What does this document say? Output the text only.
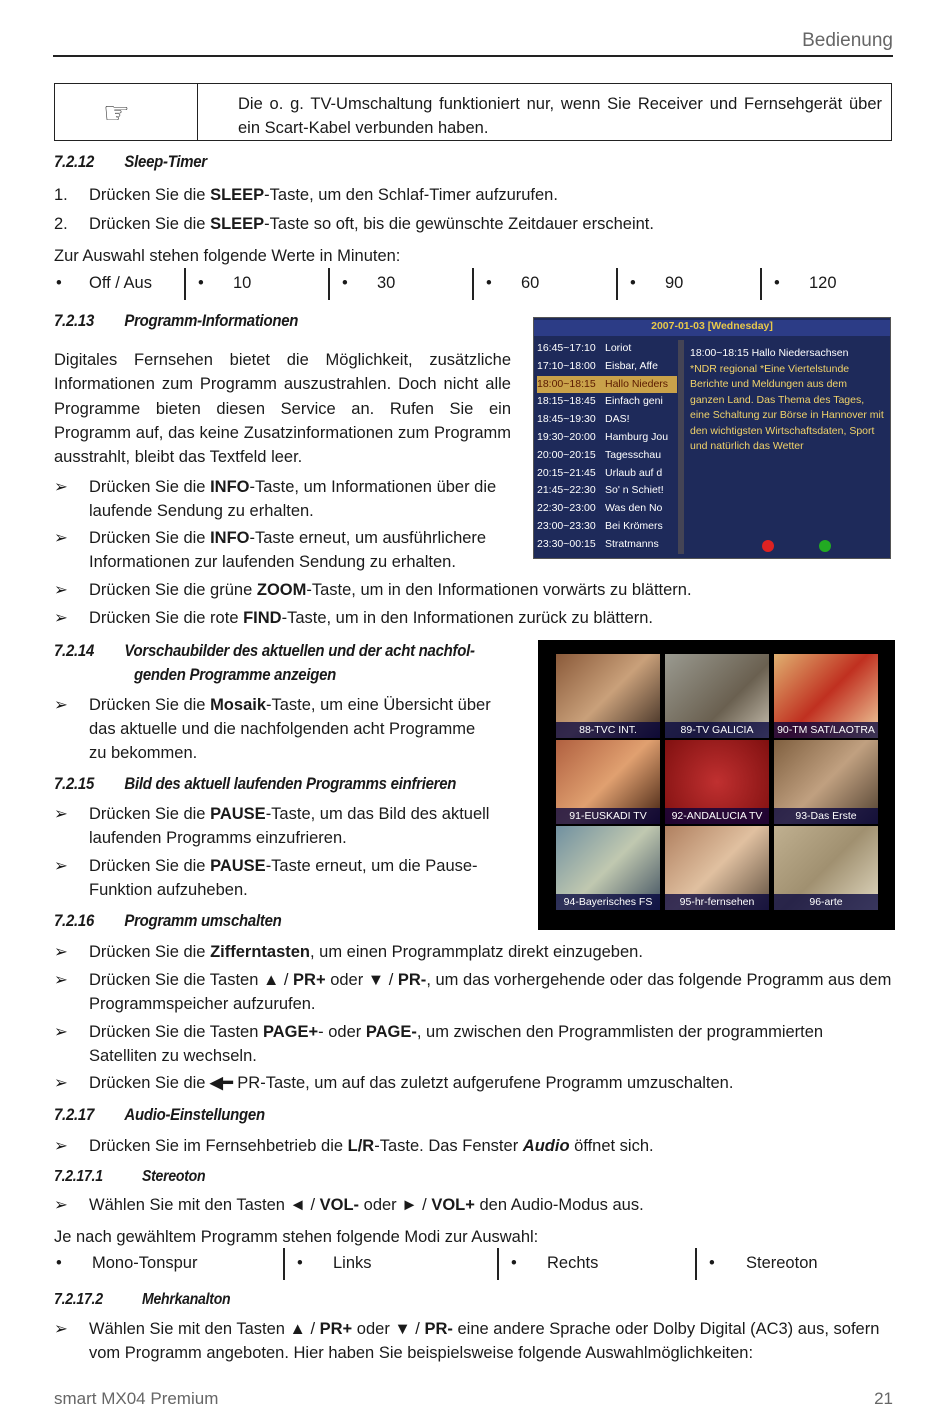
Bedienung
☞	Die o. g. TV-Umschaltung funktioniert nur, wenn Sie Receiver und Fernsehgerät über ein Scart-Kabel verbunden haben.
7.2.12 Sleep-Timer
1.	Drücken Sie die SLEEP-Taste, um den Schlaf-Timer aufzurufen.
2.	Drücken Sie die SLEEP-Taste so oft, bis die gewünschte Zeitdauer erscheint.
Zur Auswahl stehen folgende Werte in Minuten:
• Off / Aus	• 10	• 30	• 60	• 90	• 120
7.2.13 Programm-Informationen
Digitales Fernsehen bietet die Möglichkeit, zusätzliche Informationen zum Programm auszustrahlen. Doch nicht alle Programme bieten diesen Service an. Rufen Sie ein Programm auf, das keine Zusatzinformationen zum Programm ausstrahlt, bleibt das Textfeld leer.
➢	Drücken Sie die INFO-Taste, um Informationen über die laufende Sendung zu erhalten.
➢	Drücken Sie die INFO-Taste erneut, um ausführlichere Informationen zur laufenden Sendung zu erhalten.
➢	Drücken Sie die grüne ZOOM-Taste, um in den Informationen vorwärts zu blättern.
➢	Drücken Sie die rote FIND-Taste, um in den Informationen zurück zu blättern.
2007-01-03 [Wednesday]
16:45~17:10 Loriot
17:10~18:00 Eisbar, Affe
18:00~18:15 Hallo Nieders
18:15~18:45 Einfach geni
18:45~19:30 DAS!
19:30~20:00 Hamburg Jou
20:00~20:15 Tagesschau
20:15~21:45 Urlaub auf d
21:45~22:30 So' n Schiet!
22:30~23:00 Was den No
23:00~23:30 Bei Krömers
23:30~00:15 Stratmanns
18:00~18:15 Hallo Niedersachsen
*NDR regional *Eine Viertelstunde Berichte und Meldungen aus dem ganzen Land. Das Thema des Tages, eine Schaltung zur Börse in Hannover mit den wichtigsten Wirtschaftsdaten, Sport und natürlich das Wetter
7.2.14 Vorschaubilder des aktuellen und der acht nachfol-
genden Programme anzeigen
➢	Drücken Sie die Mosaik-Taste, um eine Übersicht über das aktuelle und die nachfolgenden acht Programme zu bekommen.
88-TVC INT.	89-TV GALICIA	90-TM SAT/LAOTRA
91-EUSKADI TV	92-ANDALUCIA TV	93-Das Erste
94-Bayerisches FS	95-hr-fernsehen	96-arte
7.2.15 Bild des aktuell laufenden Programms einfrieren
➢	Drücken Sie die PAUSE-Taste, um das Bild des aktuell laufenden Programms einzufrieren.
➢	Drücken Sie die PAUSE-Taste erneut, um die Pause-Funktion aufzuheben.
7.2.16 Programm umschalten
➢	Drücken Sie die Zifferntasten, um einen Programmplatz direkt einzugeben.
➢	Drücken Sie die Tasten ▲ / PR+ oder ▼ / PR-, um das vorhergehende oder das folgende Programm aus dem Programmspeicher aufzurufen.
➢	Drücken Sie die Tasten PAGE+- oder PAGE-, um zwischen den Programmlisten der programmierten Satelliten zu wechseln.
➢	Drücken Sie die ◀━ PR-Taste, um auf das zuletzt aufgerufene Programm umzuschalten.
7.2.17 Audio-Einstellungen
➢	Drücken Sie im Fernsehbetrieb die L/R-Taste. Das Fenster Audio öffnet sich.
7.2.17.1 Stereoton
➢	Wählen Sie mit den Tasten ◄ / VOL- oder ► / VOL+ den Audio-Modus aus.
Je nach gewähltem Programm stehen folgende Modi zur Auswahl:
• Mono-Tonspur	• Links	• Rechts	• Stereoton
7.2.17.2 Mehrkanalton
➢	Wählen Sie mit den Tasten ▲ / PR+ oder ▼ / PR- eine andere Sprache oder Dolby Digital (AC3) aus, sofern vom Programm angeboten. Hier haben Sie beispielsweise folgende Auswahlmöglichkeiten:
smart MX04 Premium	21
